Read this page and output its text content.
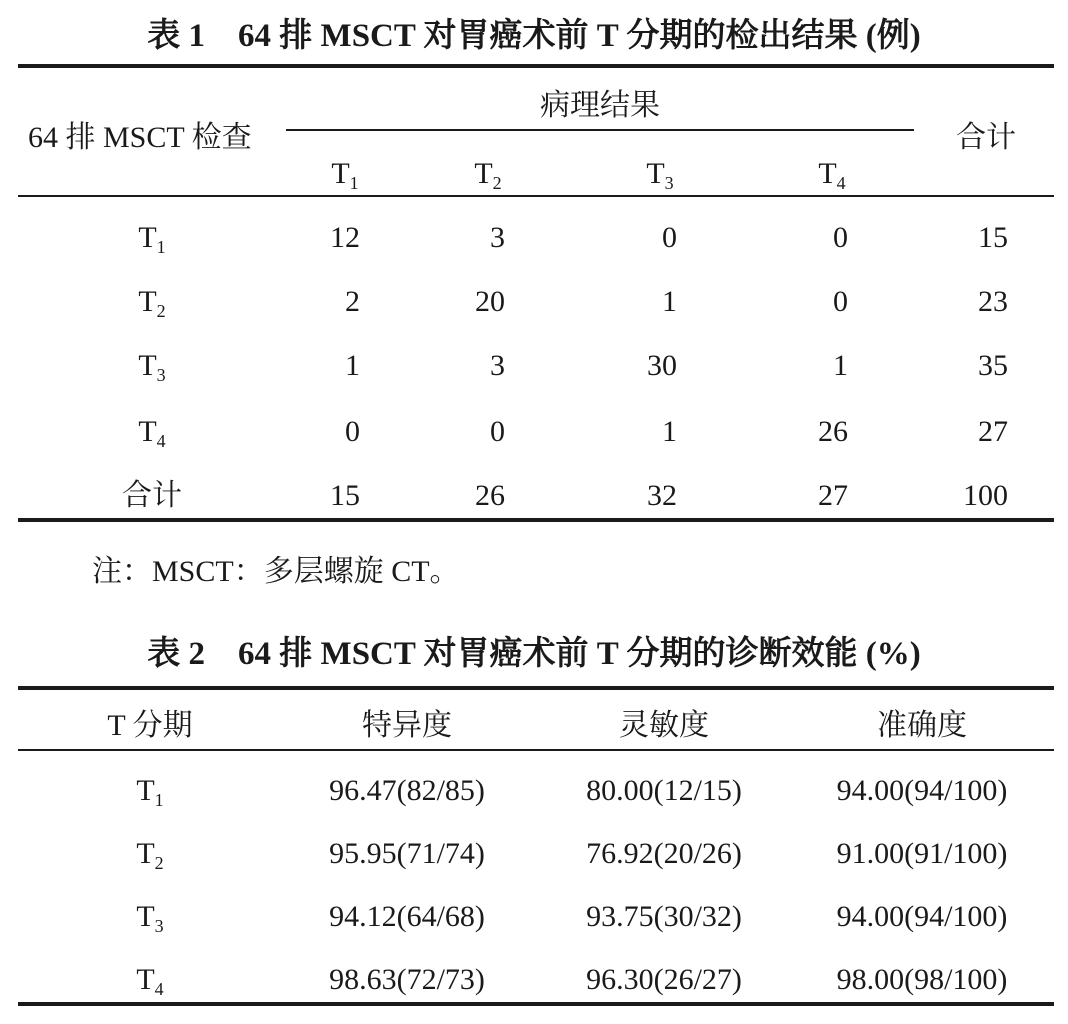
表 1　64 排 MSCT 对胃癌术前 T 分期的检出结果 (例)
64 排 MSCT 检查
病理结果
合计
$T_1$	$T_2$	$T_3$	$T_4$
$T_1$	12	3	0	0	15
$T_2$	2	20	1	0	23
$T_3$	1	3	30	1	35
$T_4$	0	0	1	26	27
合计	15	26	32	27	100
注：MSCT：多层螺旋 CT。
表 2　64 排 MSCT 对胃癌术前 T 分期的诊断效能 (%)
T 分期	特异度	灵敏度	准确度
$T_1$	96.47(82/85)	80.00(12/15)	94.00(94/100)
$T_2$	95.95(71/74)	76.92(20/26)	91.00(91/100)
$T_3$	94.12(64/68)	93.75(30/32)	94.00(94/100)
$T_4$	98.63(72/73)	96.30(26/27)	98.00(98/100)
